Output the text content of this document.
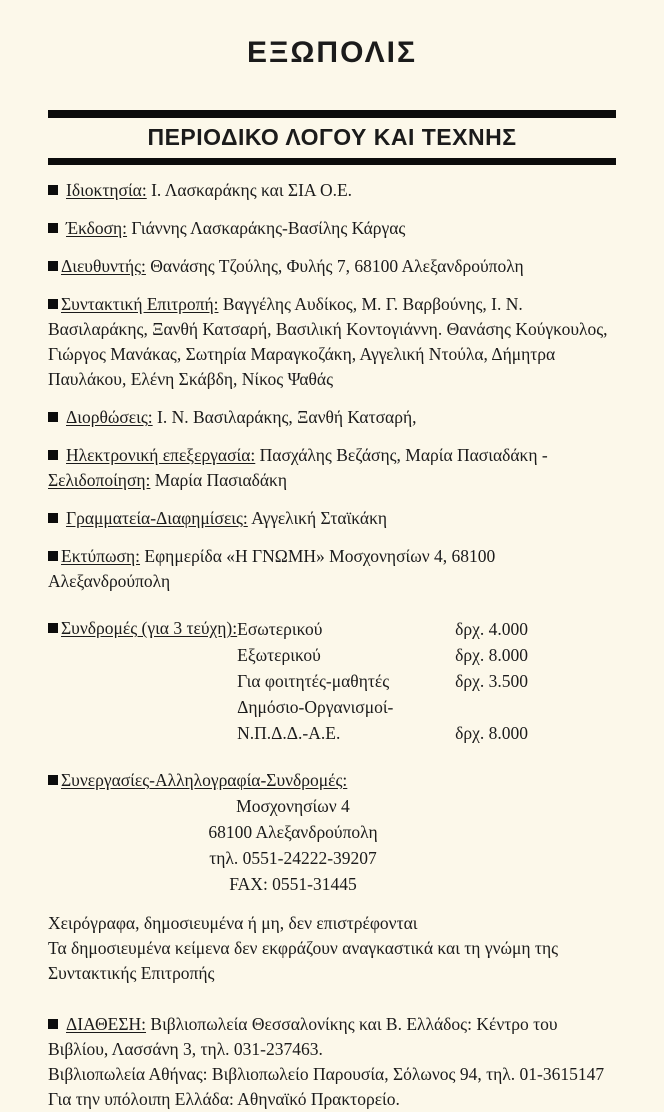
ΕΞΩΠΟΛΙΣ
ΠΕΡΙΟΔΙΚΟ ΛΟΓΟΥ ΚΑΙ ΤΕΧΝΗΣ
Ιδιοκτησία: Ι. Λασκαράκης και ΣΙΑ Ο.Ε.
Έκδοση: Γιάννης Λασκαράκης-Βασίλης Κάργας
Διευθυντής: Θανάσης Τζούλης, Φυλής 7, 68100 Αλεξανδρούπολη
Συντακτική Επιτροπή: Βαγγέλης Αυδίκος, Μ. Γ. Βαρβούνης, Ι. Ν. Βασιλαράκης, Ξανθή Κατσαρή, Βασιλική Κοντογιάννη. Θανάσης Κούγκουλος, Γιώργος Μανάκας, Σωτηρία Μαραγκοζάκη, Αγγελική Ντούλα, Δήμητρα Παυλάκου, Ελένη Σκάβδη, Νίκος Ψαθάς
Διορθώσεις: Ι. Ν. Βασιλαράκης, Ξανθή Κατσαρή,
Ηλεκτρονική επεξεργασία: Πασχάλης Βεζάσης, Μαρία Πασιαδάκη - Σελιδοποίηση: Μαρία Πασιαδάκη
Γραμματεία-Διαφημίσεις: Αγγελική Σταϊκάκη
Εκτύπωση: Εφημερίδα «Η ΓΝΩΜΗ» Μοσχονησίων 4, 68100 Αλεξανδρούπολη
Συνδρομές (για 3 τεύχη): Εσωτερικού	δρχ. 4.000
Εξωτερικού	δρχ. 8.000
Για φοιτητές-μαθητές	δρχ. 3.500
Δημόσιο-Οργανισμοί-
Ν.Π.Δ.Δ.-Α.Ε.	δρχ. 8.000
Συνεργασίες-Αλληλογραφία-Συνδρομές:
Μοσχονησίων 4
68100 Αλεξανδρούπολη
τηλ. 0551-24222-39207
FAX: 0551-31445
Χειρόγραφα, δημοσιευμένα ή μη, δεν επιστρέφονται
Τα δημοσιευμένα κείμενα δεν εκφράζουν αναγκαστικά και τη γνώμη της Συντακτικής Επιτροπής

ΔΙΑΘΕΣΗ: Βιβλιοπωλεία Θεσσαλονίκης και Β. Ελλάδος: Κέντρο του Βιβλίου, Λασσάνη 3, τηλ. 031-237463.

Βιβλιοπωλεία Αθήνας: Βιβλιοπωλείο Παρουσία, Σόλωνος 94, τηλ. 01-3615147

Για την υπόλοιπη Ελλάδα: Αθηναϊκό Πρακτορείο.
